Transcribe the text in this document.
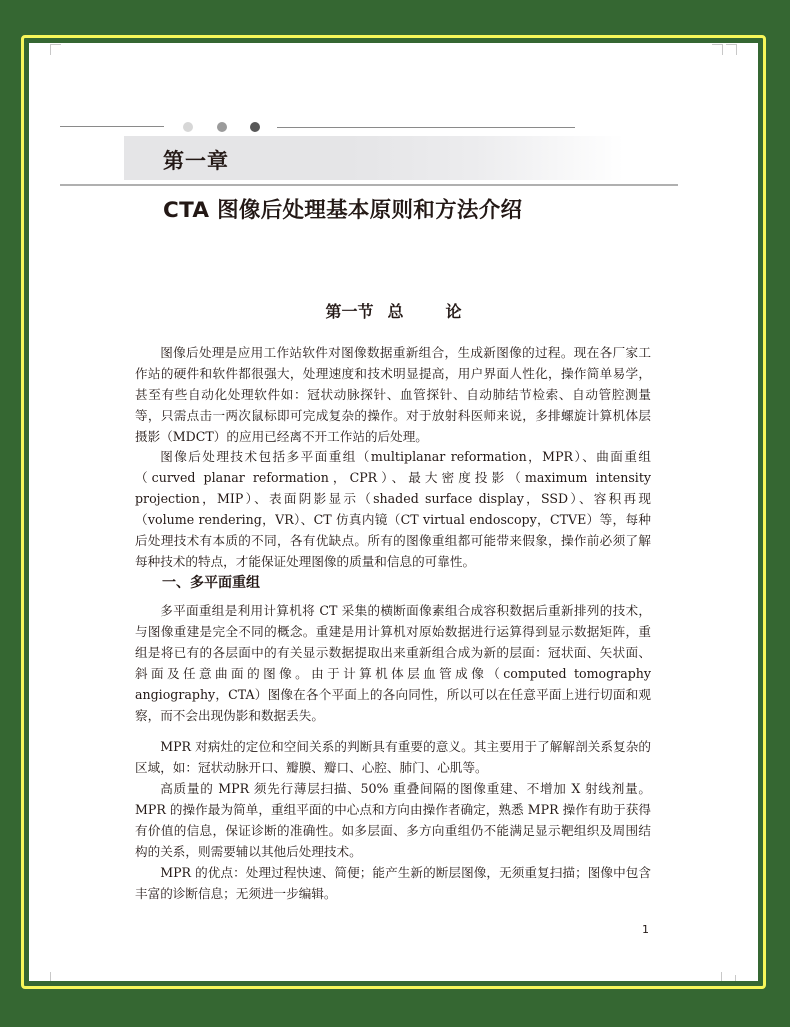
第一章
CTA 图像后处理基本原则和方法介绍
第一节 总	论

图像后处理是应用工作站软件对图像数据重新组合，生成新图像的过程。现在各厂家工作站的硬件和软件都很强大，处理速度和技术明显提高，用户界面人性化，操作简单易学，甚至有些自动化处理软件如：冠状动脉探针、血管探针、自动肺结节检索、自动管腔测量等，只需点击一两次鼠标即可完成复杂的操作。对于放射科医师来说，多排螺旋计算机体层摄影（MDCT）的应用已经离不开工作站的后处理。

图像后处理技术包括多平面重组（multiplanar reformation，MPR）、曲面重组（curved planar reformation，CPR）、最大密度投影（maximum intensity projection，MIP）、表面阴影显示（shaded surface display，SSD）、容积再现（volume rendering，VR）、CT 仿真内镜（CT virtual endoscopy，CTVE）等，每种后处理技术有本质的不同，各有优缺点。所有的图像重组都可能带来假象，操作前必须了解每种技术的特点，才能保证处理图像的质量和信息的可靠性。

一、多平面重组

多平面重组是利用计算机将 CT 采集的横断面像素组合成容积数据后重新排列的技术，与图像重建是完全不同的概念。重建是用计算机对原始数据进行运算得到显示数据矩阵，重组是将已有的各层面中的有关显示数据提取出来重新组合成为新的层面：冠状面、矢状面、斜面及任意曲面的图像。由于计算机体层血管成像（computed tomography angiography，CTA）图像在各个平面上的各向同性，所以可以在任意平面上进行切面和观察，而不会出现伪影和数据丢失。

MPR 对病灶的定位和空间关系的判断具有重要的意义。其主要用于了解解剖关系复杂的区域，如：冠状动脉开口、瓣膜、瓣口、心腔、肺门、心肌等。

高质量的 MPR 须先行薄层扫描、50% 重叠间隔的图像重建、不增加 X 射线剂量。MPR 的操作最为简单，重组平面的中心点和方向由操作者确定，熟悉 MPR 操作有助于获得有价值的信息，保证诊断的准确性。如多层面、多方向重组仍不能满足显示靶组织及周围结构的关系，则需要辅以其他后处理技术。

MPR 的优点：处理过程快速、简便；能产生新的断层图像，无须重复扫描；图像中包含丰富的诊断信息；无须进一步编辑。

1
